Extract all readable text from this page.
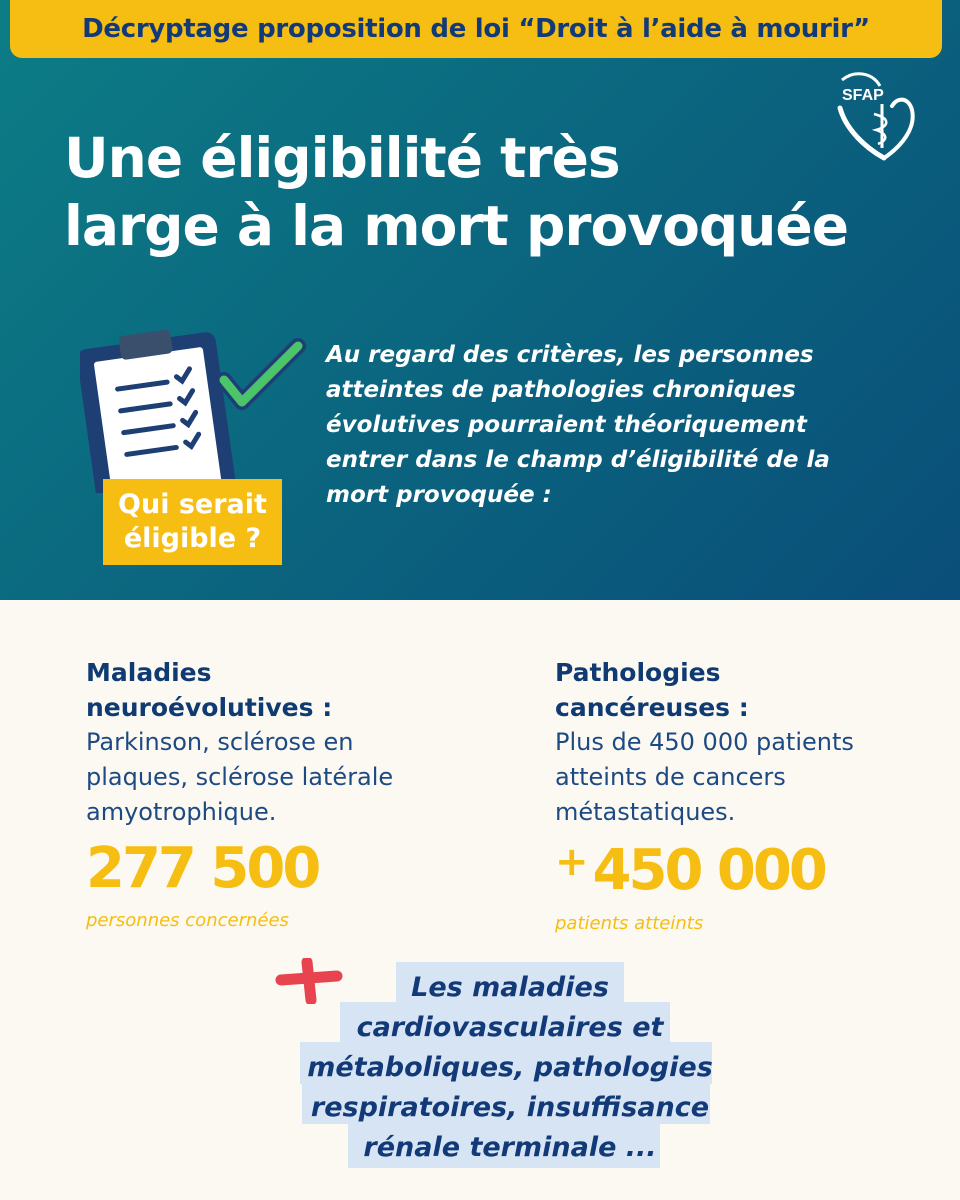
Décryptage proposition de loi “Droit à l’aide à mourir”
SFAP
Une éligibilité très
large à la mort provoquée
Qui serait
éligible ?
Au regard des critères, les personnes
atteintes de pathologies chroniques
évolutives pourraient théoriquement
entrer dans le champ d’éligibilité de la
mort provoquée :
Maladies
neuroévolutives :
Parkinson, sclérose en
plaques, sclérose latérale
amyotrophique.
277 500
personnes concernées
Pathologies
cancéreuses :
Plus de 450 000 patients
atteints de cancers
métastatiques.
+450 000
patients atteints
Les maladies
cardiovasculaires et
métaboliques, pathologies
respiratoires, insuffisance
rénale terminale ...
